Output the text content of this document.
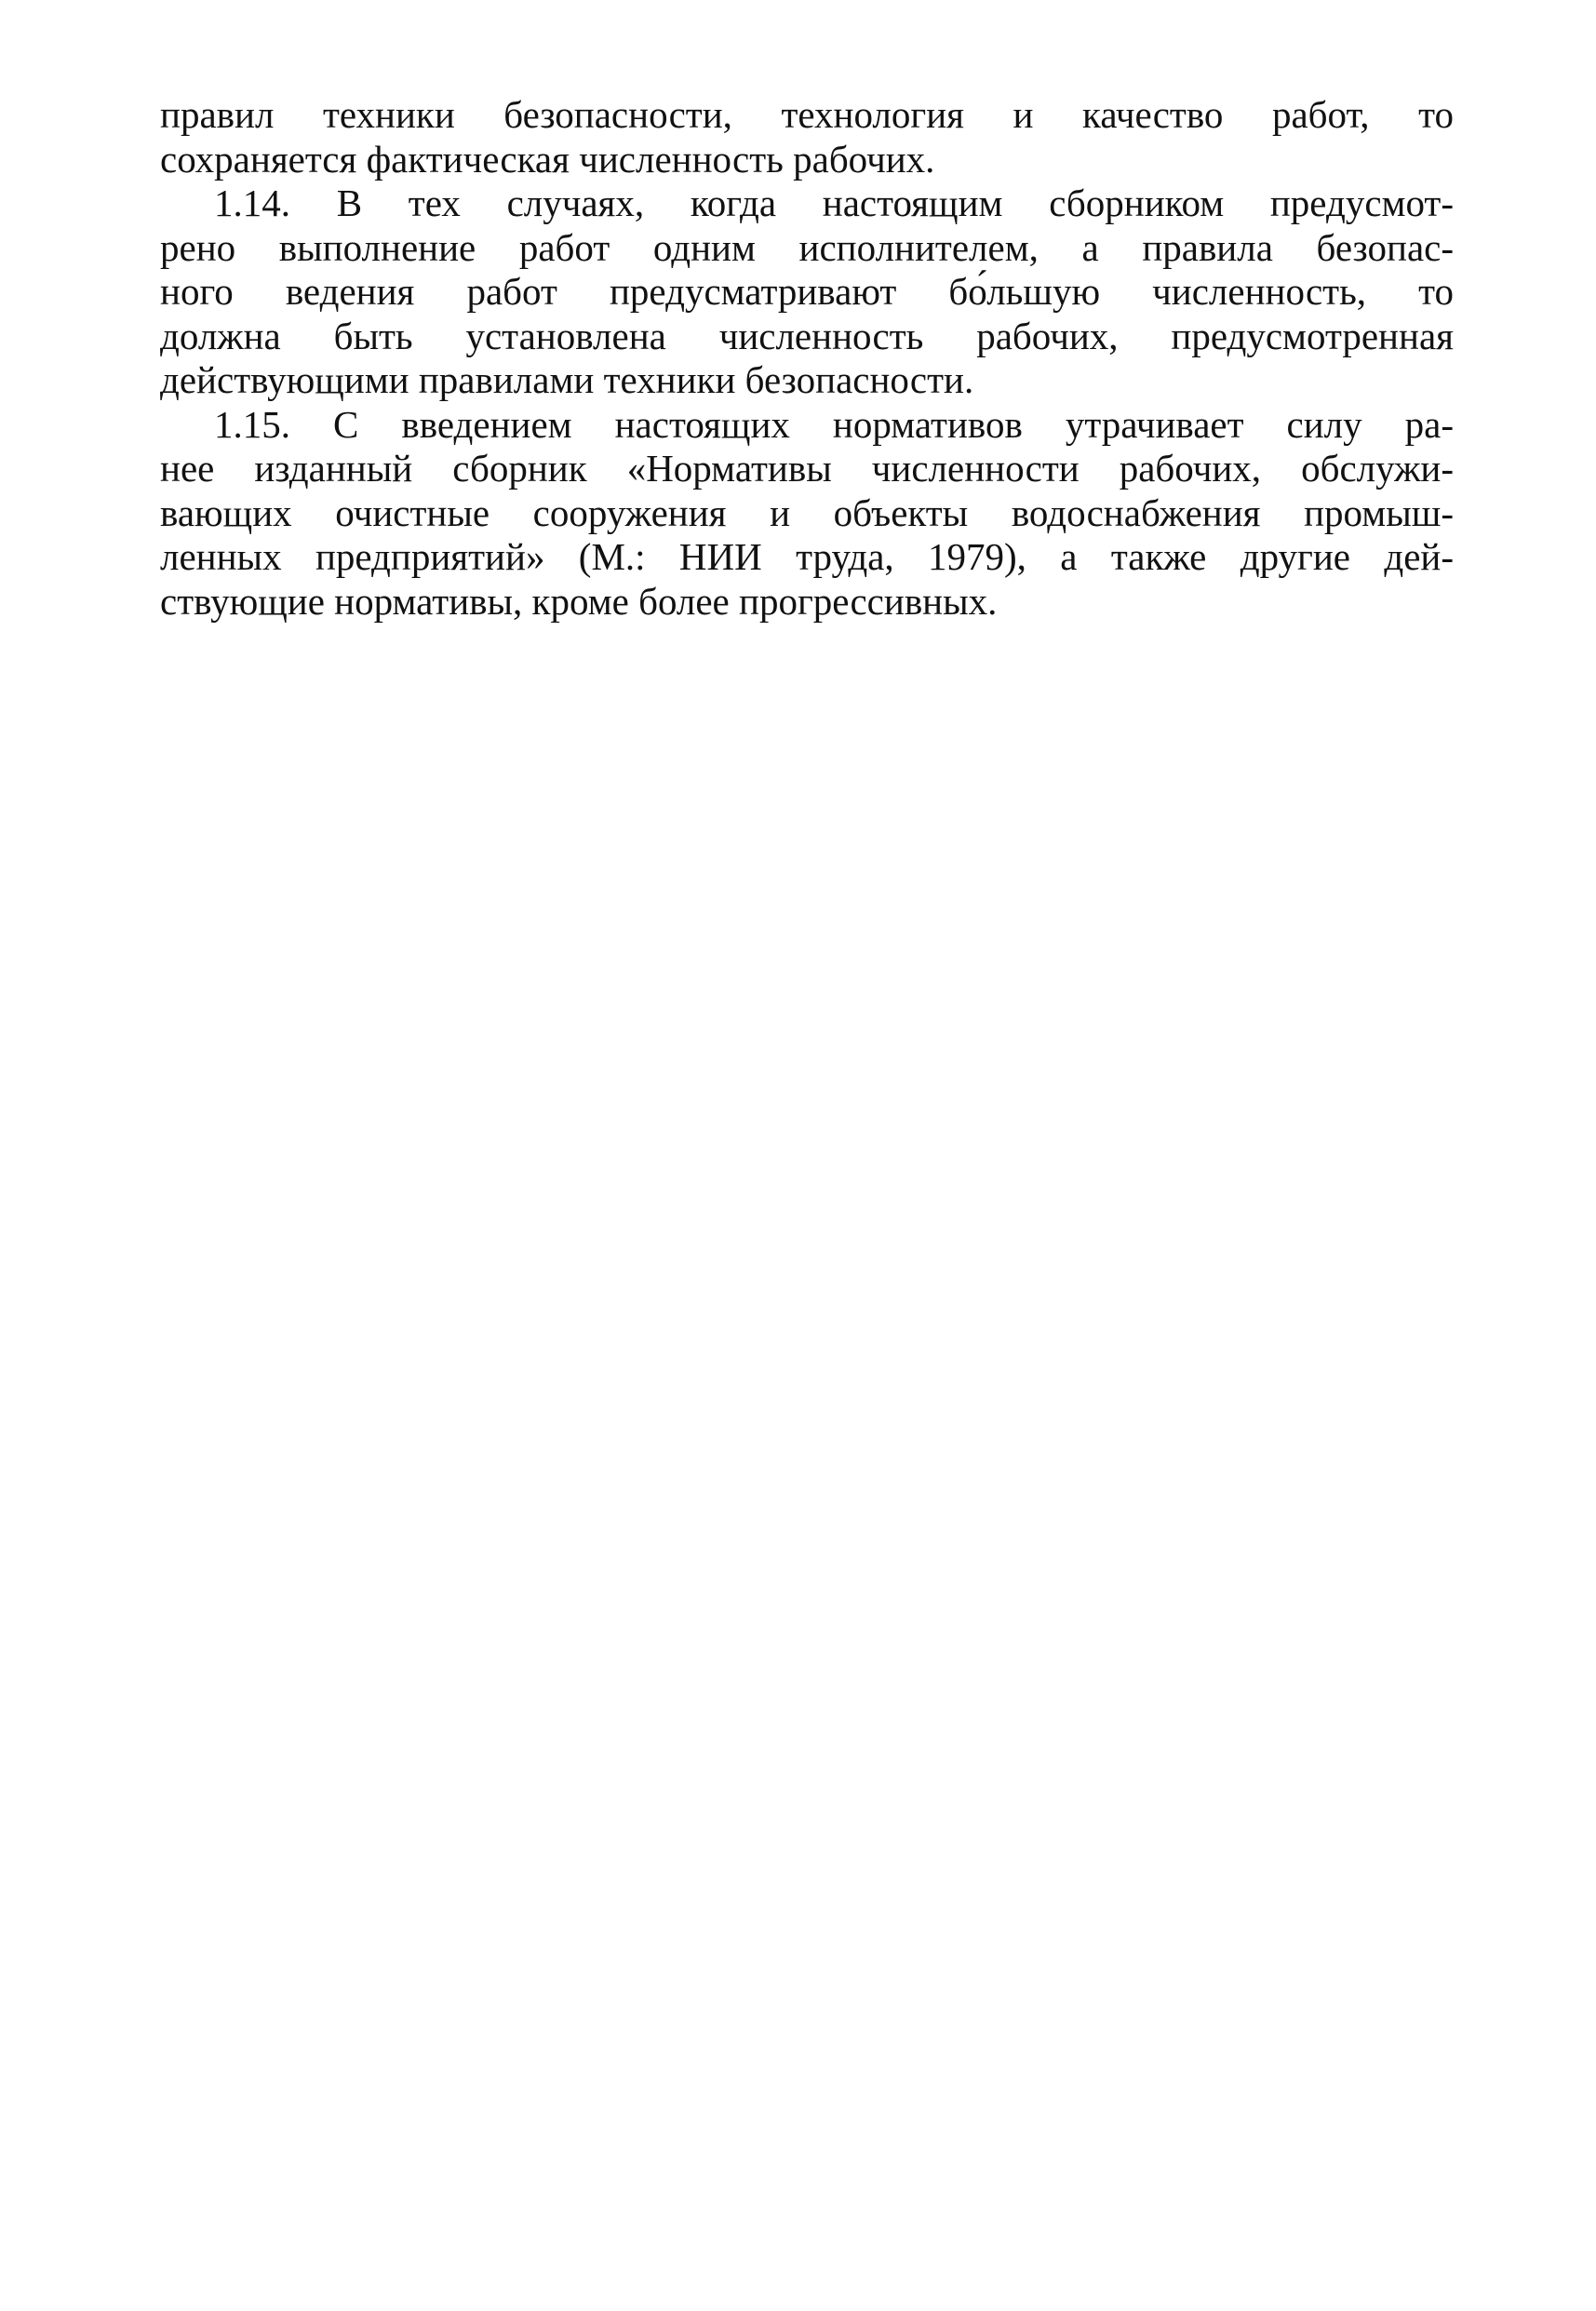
правил техники безопасности, технология и качество работ, то
сохраняется фактическая численность рабочих.
1.14. В тех случаях, когда настоящим сборником предусмот-
рено выполнение работ одним исполнителем, а правила безопас-
ного ведения работ предусматривают бо́льшую численность, то
должна быть установлена численность рабочих, предусмотренная
действующими правилами техники безопасности.
1.15. С введением настоящих нормативов утрачивает силу ра-
нее изданный сборник «Нормативы численности рабочих, обслужи-
вающих очистные сооружения и объекты водоснабжения промыш-
ленных предприятий» (М.: НИИ труда, 1979), а также другие дей-
ствующие нормативы, кроме более прогрессивных.
